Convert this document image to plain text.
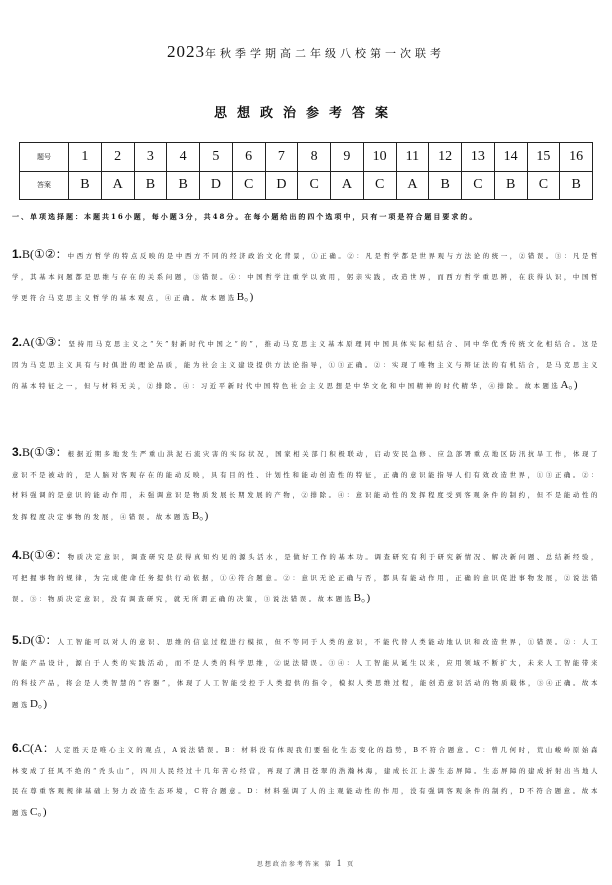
2023年秋季学期高二年级八校第一次联考
思想政治参考答案
题号	1	2	3	4	5	6	7	8	9	10	11	12	13	14	15	16
答案	B	A	B	B	D	C	D	C	A	C	A	B	C	B	C	B
一、单项选择题：本题共16小题，每小题3分，共48分。在每小题给出的四个选项中，只有一项是符合题目要求的。
1.B(①②：中西方哲学的特点反映的是中西方不同的经济政治文化背景，①正确。②：凡是哲学都是世界观与方法论的统一，②错误。③：凡是哲学，其基本问题都是思维与存在的关系问题，③错误。④：中国哲学注重学以致用，躬亲实践，改造世界，而西方哲学重思辨，在获得认识，中国哲学更符合马克思主义哲学的基本观点，④正确。故本题选B。)
2.A(①③：坚持用马克思主义之“矢”射新时代中国之“的”，推动马克思主义基本原理同中国具体实际相结合、同中华优秀传统文化相结合。这是因为马克思主义具有与时俱进的理论品质，能为社会主义建设提供方法论指导，①③正确。②：实现了唯物主义与辩证法的有机结合，是马克思主义的基本特征之一，但与材料无关，②排除。④：习近平新时代中国特色社会主义思想是中华文化和中国精神的时代精华，④排除。故本题选A。)
3.B(①③：根据近期多地发生严重山洪泥石流灾害的实际状况，国家相关部门积极联动，启动安民急修、应急部署重点地区防汛抗旱工作，体现了意识不是被动的，是人脑对客观存在的能动反映，具有目的性、计划性和能动创造性的特征，正确的意识能指导人们有效改造世界，①③正确。②：材料强调的是意识的能动作用，未强调意识是物质发展长期发展的产物，②排除。④：意识能动性的发挥程度受到客观条件的制约，但不是能动性的发挥程度决定事物的发展，④错误。故本题选B。)
4.B(①④：物质决定意识，调查研究是获得真知灼见的源头活水，是做好工作的基本功。调查研究有利于研究新情况、解决新问题、总结新经验，可把握事物的规律，为完成使命任务提供行动依据，①④符合题意。②：意识无论正确与否，都具有能动作用，正确的意识促进事物发展，②说法错误。③：物质决定意识，没有调查研究，就无所谓正确的决策，③说法错误。故本题选B。)
5.D(①：人工智能可以对人的意识、思维的信息过程进行模拟，但不等同于人类的意识，不能代替人类能动地认识和改造世界，①错误。②：人工智能产品设计，源自于人类的实践活动，而不是人类的科学思维，②说法错误。③④：人工智能从诞生以来，应用领域不断扩大，未来人工智能带来的科技产品，将会是人类智慧的“容器”，体现了人工智能受控于人类提供的指令，模拟人类思维过程，能创造意识活动的物质载体，③④正确。故本题选D。)
6.C(A：人定胜天是唯心主义的观点，A说法错误。B：材料没有体现我们要强化生态变化的趋势，B不符合题意。C：曾几何时，荒山峻岭原始森林变成了狂风不绝的“秃头山”，四川人民经过十几年苦心经营，再现了满目苍翠的浩瀚林海，建成长江上游生态屏障。生态屏障的建成折射出当地人民在尊重客观规律基础上努力改造生态环境，C符合题意。D：材料强调了人的主观能动性的作用，没有强调客观条件的制约，D不符合题意。故本题选C。)
思想政治参考答案 第 1 页
